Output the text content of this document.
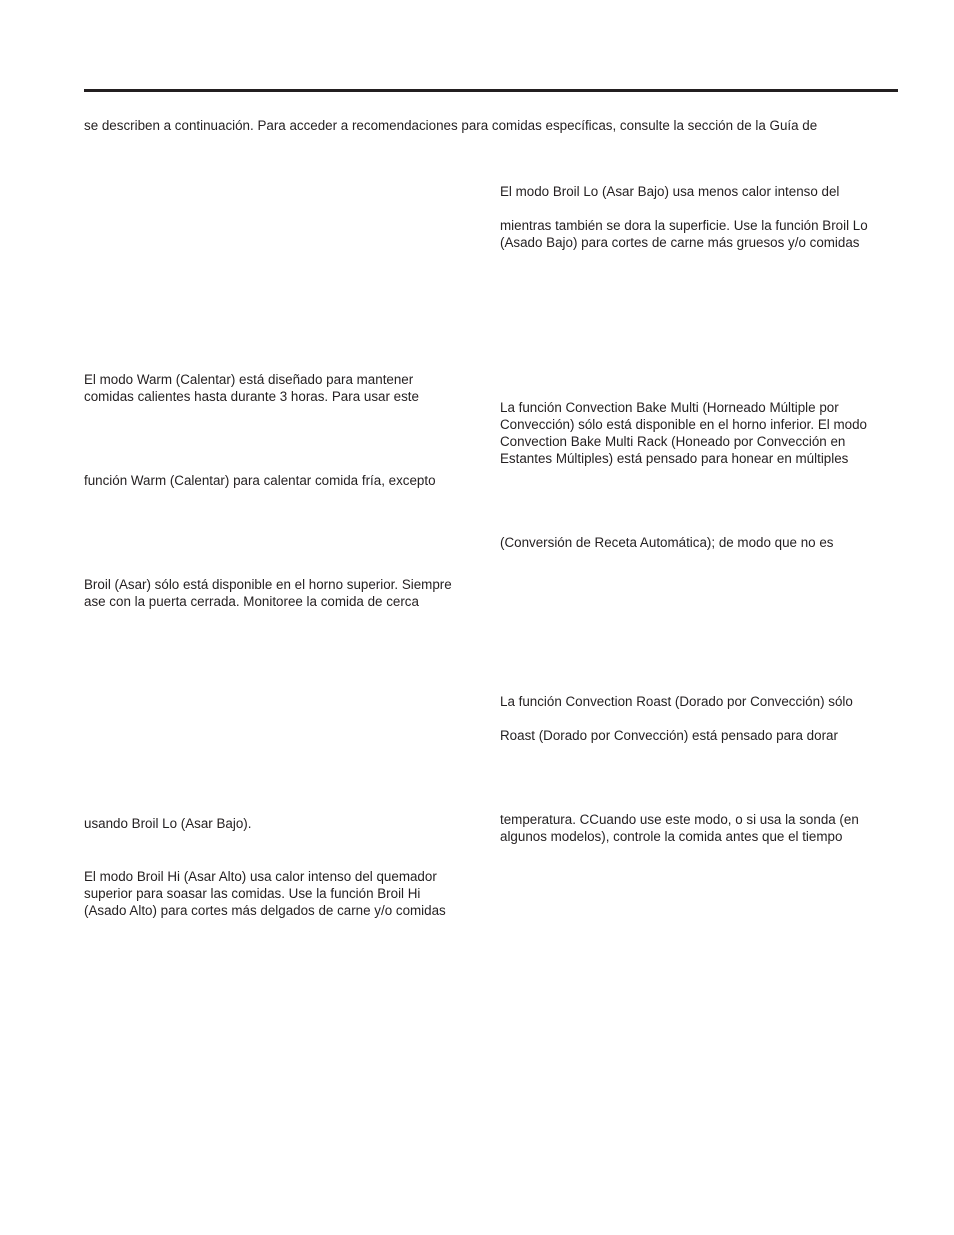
se describen a continuación. Para acceder a recomendaciones para comidas específicas, consulte la sección de la Guía de

El modo Warm (Calentar) está diseñado para mantener

comidas calientes hasta durante 3 horas. Para usar este

función Warm (Calentar) para calentar comida fría, excepto

Broil (Asar) sólo está disponible en el horno superior. Siempre

ase con la puerta cerrada. Monitoree la comida de cerca

usando Broil Lo (Asar Bajo).

El modo Broil Hi (Asar Alto) usa calor intenso del quemador

superior para soasar las comidas. Use la función Broil Hi

(Asado Alto) para cortes más delgados de carne y/o comidas

El modo Broil Lo (Asar Bajo) usa menos calor intenso del

mientras también se dora la superficie. Use la función Broil Lo

(Asado Bajo) para cortes de carne más gruesos y/o comidas

La función Convection Bake Multi (Horneado Múltiple por

Convección) sólo está disponible en el horno inferior. El modo

Convection Bake Multi Rack (Honeado por Convección en

Estantes Múltiples) está pensado para honear en múltiples

(Conversión de Receta Automática); de modo que no es

La función Convection Roast (Dorado por Convección) sólo

Roast (Dorado por Convección) está pensado para dorar

temperatura. CCuando use este modo, o si usa la sonda (en

algunos modelos), controle la comida antes que el tiempo
